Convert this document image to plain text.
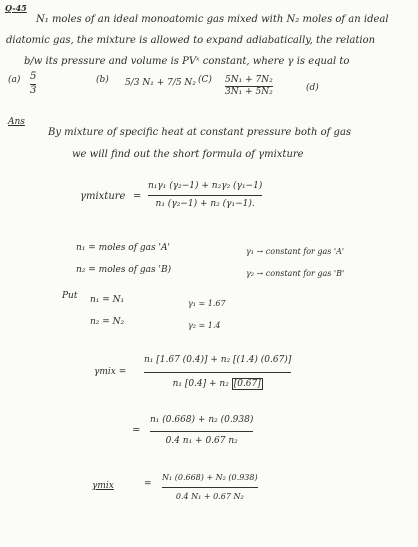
Q-45
N₁ moles of an ideal monoatomic gas mixed with N₂ moles of an ideal
diatomic gas, the mixture is allowed to expand adiabatically, the relation
b/w its pressure and volume is PVˣ constant, where γ is equal to
(a) 5
3
(b) 5/3 N₁ + 7/5 N₂ (C) 5N₁ + 7N₂
3N₁ + 5N₂	(d)
Ans
By mixture of specific heat at constant pressure both of gas
we will find out the short formula of γmixture
γmixture =
n₁γ₁ (γ₂−1) + n₂γ₂ (γ₁−1)
n₁ (γ₂−1) + n₂ (γ₁−1).
n₁ = moles of gas 'A'
n₂ = moles of gas 'B)
γ₁ → constant for gas 'A'
γ₂ → constant for gas 'B'
Put n₁ = N₁
n₂ = N₂
γ₁ = 1.67
γ₂ = 1.4
γmix =
n₁ [1.67 (0.4)] + n₂ [(1.4) (0.67)]
n₁ [0.4] + n₂ [0.67]
=
n₁ (0.668) + n₂ (0.938)
0.4 n₁ + 0.67 n₂
γmix	=
N₁ (0.668) + N₂ (0.938)
0.4 N₁ + 0.67 N₂
